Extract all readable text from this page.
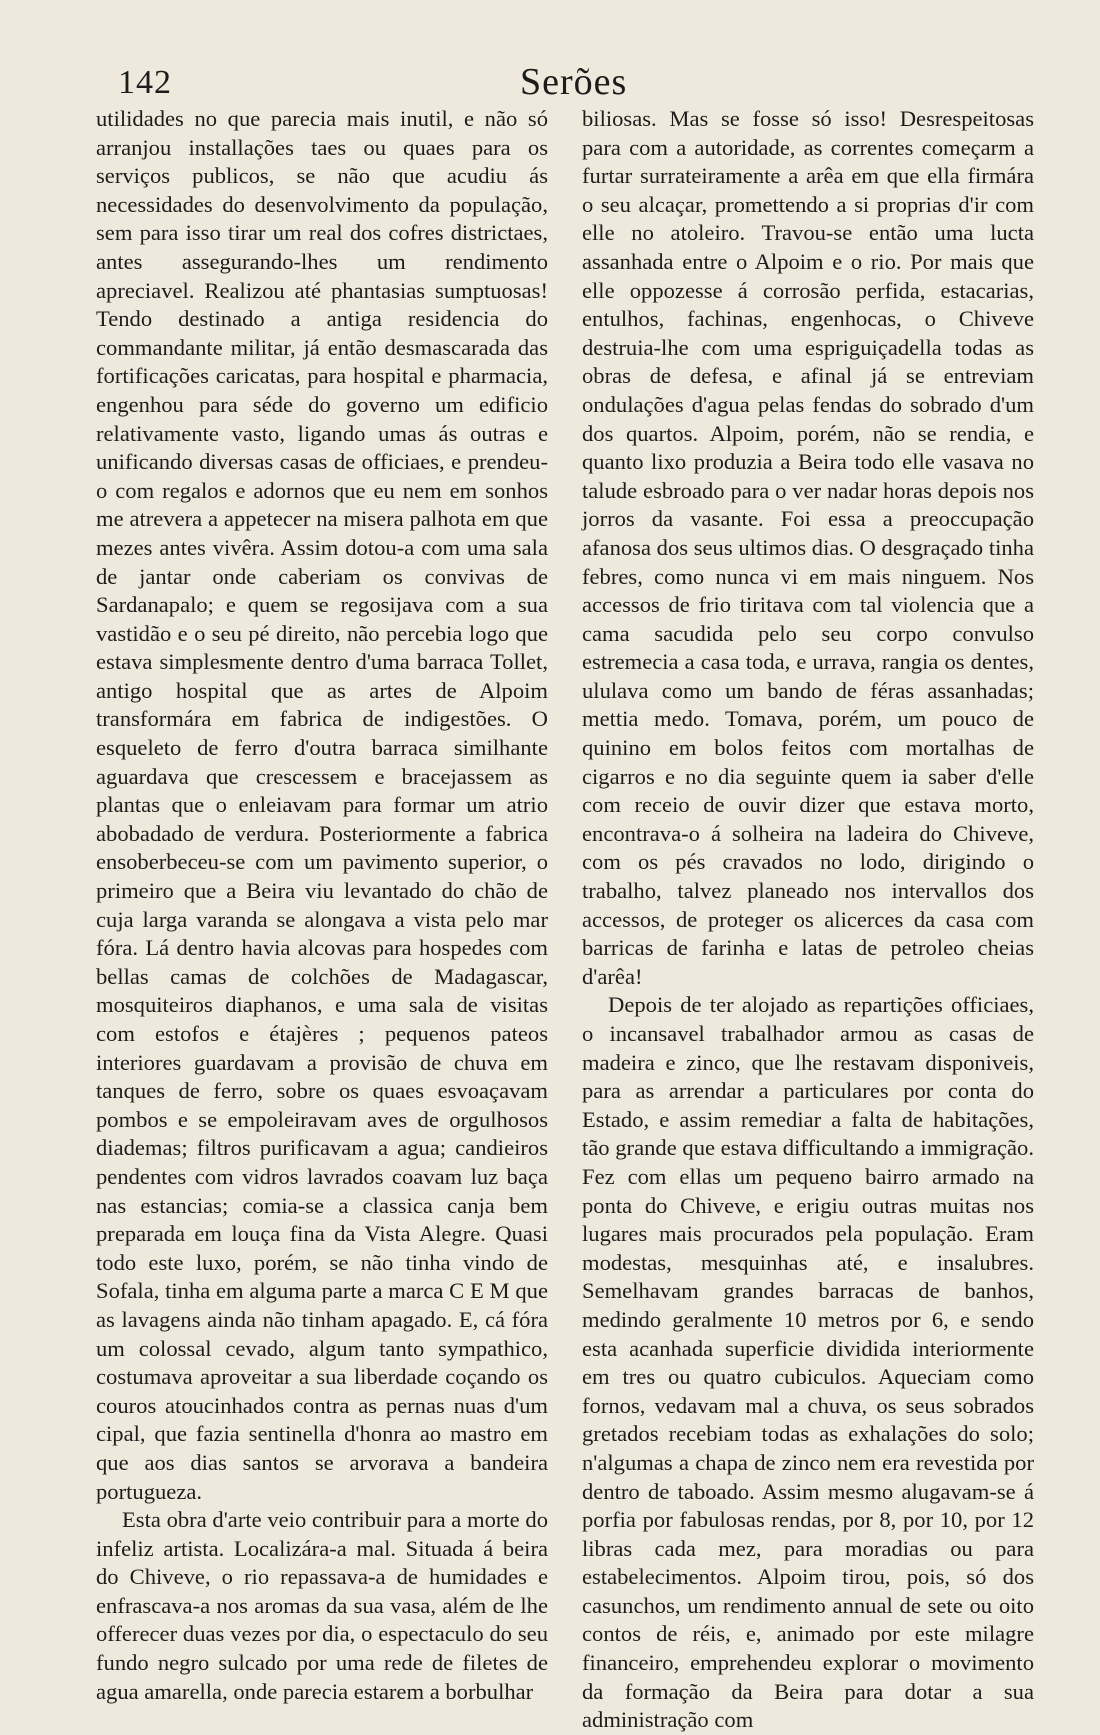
142	Serões

utilidades no que parecia mais inutil, e não só arranjou installações taes ou quaes para os serviços publicos, se não que acudiu ás necessidades do desenvolvimento da população, sem para isso tirar um real dos cofres districtaes, antes assegurando-lhes um rendimento apreciavel. Realizou até phantasias sumptuosas! Tendo destinado a antiga residencia do commandante militar, já então desmascarada das fortificações caricatas, para hospital e pharmacia, engenhou para séde do governo um edificio relativamente vasto, ligando umas ás outras e unificando diversas casas de officiaes, e prendeu-o com regalos e adornos que eu nem em sonhos me atrevera a appetecer na misera palhota em que mezes antes vivêra. Assim dotou-a com uma sala de jantar onde caberiam os convivas de Sardanapalo; e quem se regosijava com a sua vastidão e o seu pé direito, não percebia logo que estava simplesmente dentro d'uma barraca Tollet, antigo hospital que as artes de Alpoim transformára em fabrica de indigestões. O esqueleto de ferro d'outra barraca similhante aguardava que crescessem e bracejassem as plantas que o enleiavam para formar um atrio abobadado de verdura. Posteriormente a fabrica ensoberbeceu-se com um pavimento superior, o primeiro que a Beira viu levantado do chão de cuja larga varanda se alongava a vista pelo mar fóra. Lá dentro havia alcovas para hospedes com bellas camas de colchões de Madagascar, mosquiteiros diaphanos, e uma sala de visitas com estofos e étajères ; pequenos pateos interiores guardavam a provisão de chuva em tanques de ferro, sobre os quaes esvoaçavam pombos e se empoleiravam aves de orgulhosos diademas; filtros purificavam a agua; candieiros pendentes com vidros lavrados coavam luz baça nas estancias; comia-se a classica canja bem preparada em louça fina da Vista Alegre. Quasi todo este luxo, porém, se não tinha vindo de Sofala, tinha em alguma parte a marca C E M que as lavagens ainda não tinham apagado. E, cá fóra um colossal cevado, algum tanto sympathico, costumava aproveitar a sua liberdade coçando os couros atoucinhados contra as pernas nuas d'um cipal, que fazia sentinella d'honra ao mastro em que aos dias santos se arvorava a bandeira portugueza.

Esta obra d'arte veio contribuir para a morte do infeliz artista. Localizára-a mal. Situada á beira do Chiveve, o rio repassava-a de humidades e enfrascava-a nos aromas da sua vasa, além de lhe offerecer duas vezes por dia, o espectaculo do seu fundo negro sulcado por uma rede de filetes de agua amarella, onde parecia estarem a borbulhar

biliosas. Mas se fosse só isso! Desrespeitosas para com a autoridade, as correntes começarm a furtar surrateiramente a arêa em que ella firmára o seu alcaçar, promettendo a si proprias d'ir com elle no atoleiro. Travou-se então uma lucta assanhada entre o Alpoim e o rio. Por mais que elle oppozesse á corrosão perfida, estacarias, entulhos, fachinas, engenhocas, o Chiveve destruia-lhe com uma espriguiçadella todas as obras de defesa, e afinal já se entreviam ondulações d'agua pelas fendas do sobrado d'um dos quartos. Alpoim, porém, não se rendia, e quanto lixo produzia a Beira todo elle vasava no talude esbroado para o ver nadar horas depois nos jorros da vasante. Foi essa a preoccupação afanosa dos seus ultimos dias. O desgraçado tinha febres, como nunca vi em mais ninguem. Nos accessos de frio tiritava com tal violencia que a cama sacudida pelo seu corpo convulso estremecia a casa toda, e urrava, rangia os dentes, ululava como um bando de féras assanhadas; mettia medo. Tomava, porém, um pouco de quinino em bolos feitos com mortalhas de cigarros e no dia seguinte quem ia saber d'elle com receio de ouvir dizer que estava morto, encontrava-o á solheira na ladeira do Chiveve, com os pés cravados no lodo, dirigindo o trabalho, talvez planeado nos intervallos dos accessos, de proteger os alicerces da casa com barricas de farinha e latas de petroleo cheias d'arêa!

Depois de ter alojado as repartições officiaes, o incansavel trabalhador armou as casas de madeira e zinco, que lhe restavam disponiveis, para as arrendar a particulares por conta do Estado, e assim remediar a falta de habitações, tão grande que estava difficultando a immigração. Fez com ellas um pequeno bairro armado na ponta do Chiveve, e erigiu outras muitas nos lugares mais procurados pela população. Eram modestas, mesquinhas até, e insalubres. Semelhavam grandes barracas de banhos, medindo geralmente 10 metros por 6, e sendo esta acanhada superficie dividida interiormente em tres ou quatro cubiculos. Aqueciam como fornos, vedavam mal a chuva, os seus sobrados gretados recebiam todas as exhalações do solo; n'algumas a chapa de zinco nem era revestida por dentro de taboado. Assim mesmo alugavam-se á porfia por fabulosas rendas, por 8, por 10, por 12 libras cada mez, para moradias ou para estabelecimentos. Alpoim tirou, pois, só dos casunchos, um rendimento annual de sete ou oito contos de réis, e, animado por este milagre financeiro, emprehendeu explorar o movimento da formação da Beira para dotar a sua administração com
